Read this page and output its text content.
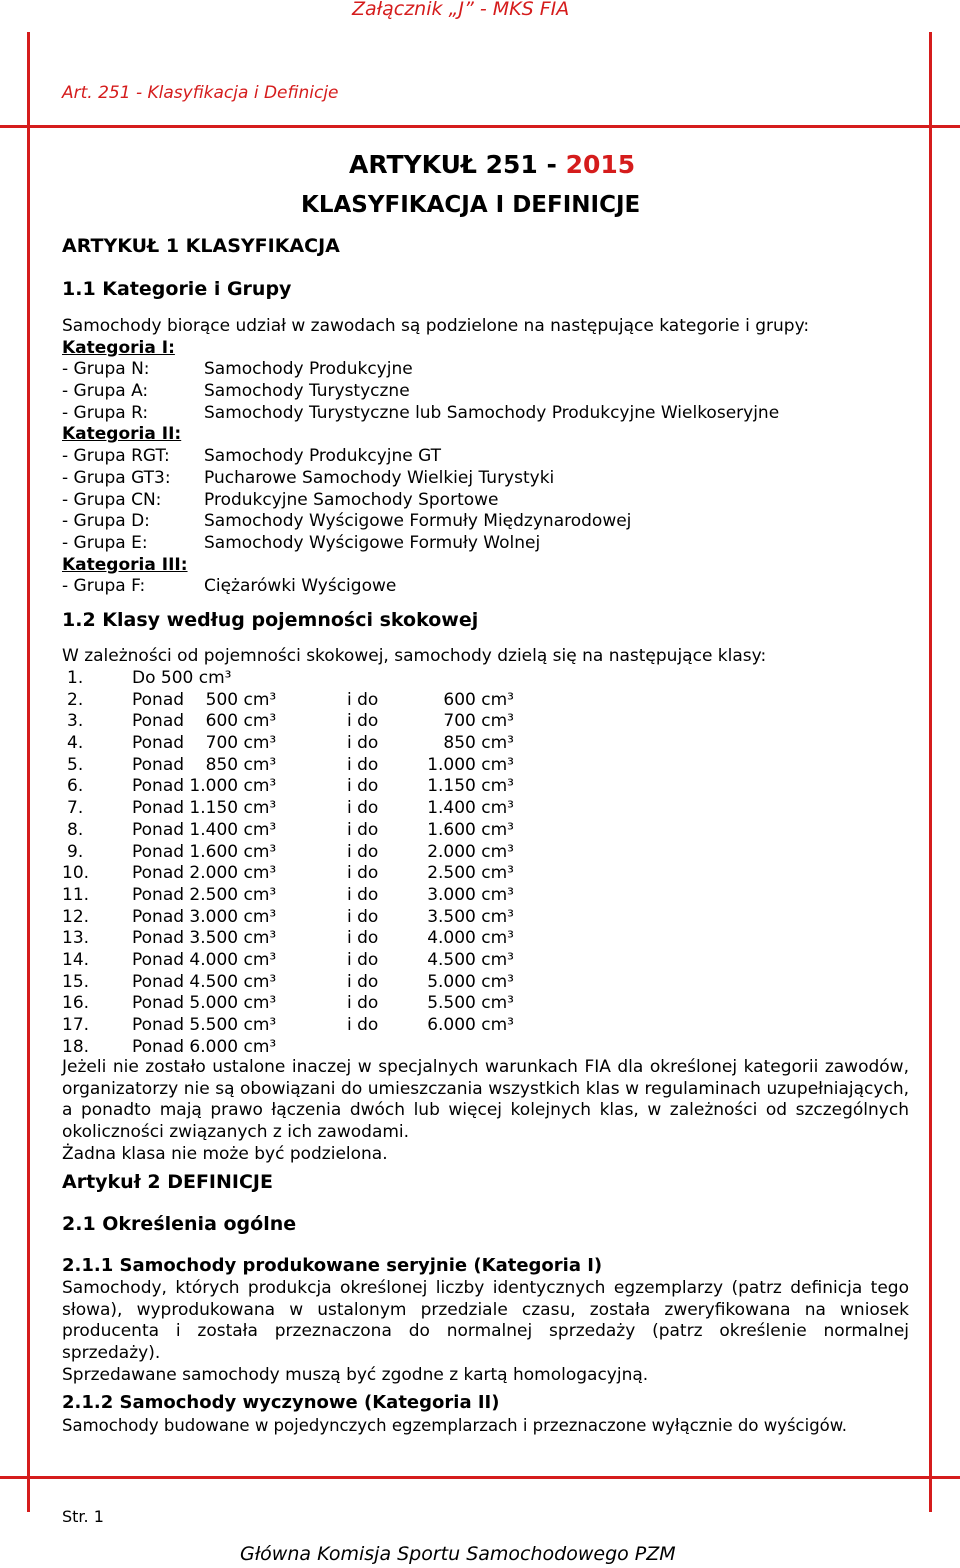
Załącznik „J” - MKS FIA
Art. 251 - Klasyfikacja i Definicje
ARTYKUŁ 251 - 2015
KLASYFIKACJA I DEFINICJE
ARTYKUŁ 1 KLASYFIKACJA
1.1 Kategorie i Grupy
Samochody biorące udział w zawodach są podzielone na następujące kategorie i grupy:
Kategoria I:
- Grupa N:	Samochody Produkcyjne
- Grupa A:	Samochody Turystyczne
- Grupa R:	Samochody Turystyczne lub Samochody Produkcyjne Wielkoseryjne
Kategoria II:
- Grupa RGT: Samochody Produkcyjne GT
- Grupa GT3: Pucharowe Samochody Wielkiej Turystyki
- Grupa CN:	Produkcyjne Samochody Sportowe
- Grupa D:	Samochody Wyścigowe Formuły Międzynarodowej
- Grupa E:	Samochody Wyścigowe Formuły Wolnej
Kategoria III:
- Grupa F:	Ciężarówki Wyścigowe
1.2 Klasy według pojemności skokowej
W zależności od pojemności skokowej, samochody dzielą się na następujące klasy:
1.	Do 500 cm³
2.	Ponad    500 cm³	i do	600 cm³
3.	Ponad    600 cm³	i do	700 cm³
4.	Ponad    700 cm³	i do	850 cm³
5.	Ponad    850 cm³	i do	1.000 cm³
6.	Ponad 1.000 cm³	i do	1.150 cm³
7.	Ponad 1.150 cm³	i do	1.400 cm³
8.	Ponad 1.400 cm³	i do	1.600 cm³
9.	Ponad 1.600 cm³	i do	2.000 cm³
10.	Ponad 2.000 cm³	i do	2.500 cm³
11.	Ponad 2.500 cm³	i do	3.000 cm³
12.	Ponad 3.000 cm³	i do	3.500 cm³
13.	Ponad 3.500 cm³	i do	4.000 cm³
14.	Ponad 4.000 cm³	i do	4.500 cm³
15.	Ponad 4.500 cm³	i do	5.000 cm³
16.	Ponad 5.000 cm³	i do	5.500 cm³
17.	Ponad 5.500 cm³	i do	6.000 cm³
18.	Ponad 6.000 cm³
Jeżeli nie zostało ustalone inaczej w specjalnych warunkach FIA dla określonej kategorii zawodów, organizatorzy nie są obowiązani do umieszczania wszystkich klas w regulaminach uzupełniających, a ponadto mają prawo łączenia dwóch lub więcej kolejnych klas, w zależności od szczególnych okoliczności związanych z ich zawodami.
Żadna klasa nie może być podzielona.
Artykuł 2 DEFINICJE
2.1 Określenia ogólne
2.1.1 Samochody produkowane seryjnie (Kategoria I)
Samochody, których produkcja określonej liczby identycznych egzemplarzy (patrz definicja tego słowa), wyprodukowana w ustalonym przedziale czasu, została zweryfikowana na wniosek producenta i została przeznaczona do normalnej sprzedaży (patrz określenie normalnej sprzedaży).
Sprzedawane samochody muszą być zgodne z kartą homologacyjną.
2.1.2 Samochody wyczynowe (Kategoria II)
Samochody budowane w pojedynczych egzemplarzach i przeznaczone wyłącznie do wyścigów.
Str. 1
Główna Komisja Sportu Samochodowego PZM
